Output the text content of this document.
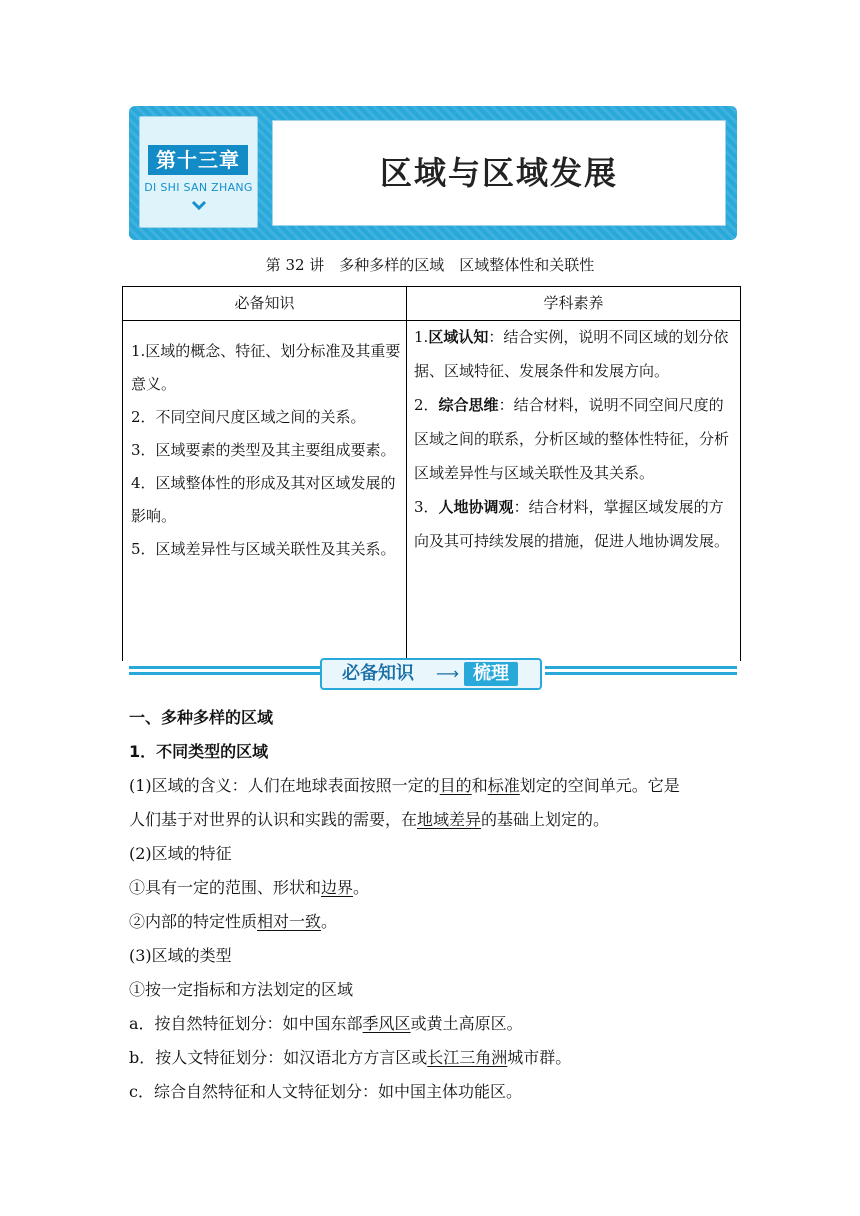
第十三章
DI SHI SAN ZHANG	区域与区域发展
第 32 讲　多种多样的区域　区域整体性和关联性
必备知识	学科素养

1.区域的概念、特征、划分标准及其重要意义。

2．不同空间尺度区域之间的关系。

3．区域要素的类型及其主要组成要素。

4．区域整体性的形成及其对区域发展的影响。

5．区域差异性与区域关联性及其关系。

1.区域认知：结合实例，说明不同区域的划分依据、区域特征、发展条件和发展方向。

2．综合思维：结合材料，说明不同空间尺度的区域之间的联系，分析区域的整体性特征，分析区域差异性与区域关联性及其关系。

3．人地协调观：结合材料，掌握区域发展的方向及其可持续发展的措施，促进人地协调发展。

必备知识 ⟶ 梳理
一、多种多样的区域
1．不同类型的区域
(1)区域的含义：人们在地球表面按照一定的目的和标准划定的空间单元。它是
人们基于对世界的认识和实践的需要，在地域差异的基础上划定的。
(2)区域的特征
①具有一定的范围、形状和边界。
②内部的特定性质相对一致。
(3)区域的类型
①按一定指标和方法划定的区域
a．按自然特征划分：如中国东部季风区或黄土高原区。
b．按人文特征划分：如汉语北方方言区或长江三角洲城市群。
c．综合自然特征和人文特征划分：如中国主体功能区。
